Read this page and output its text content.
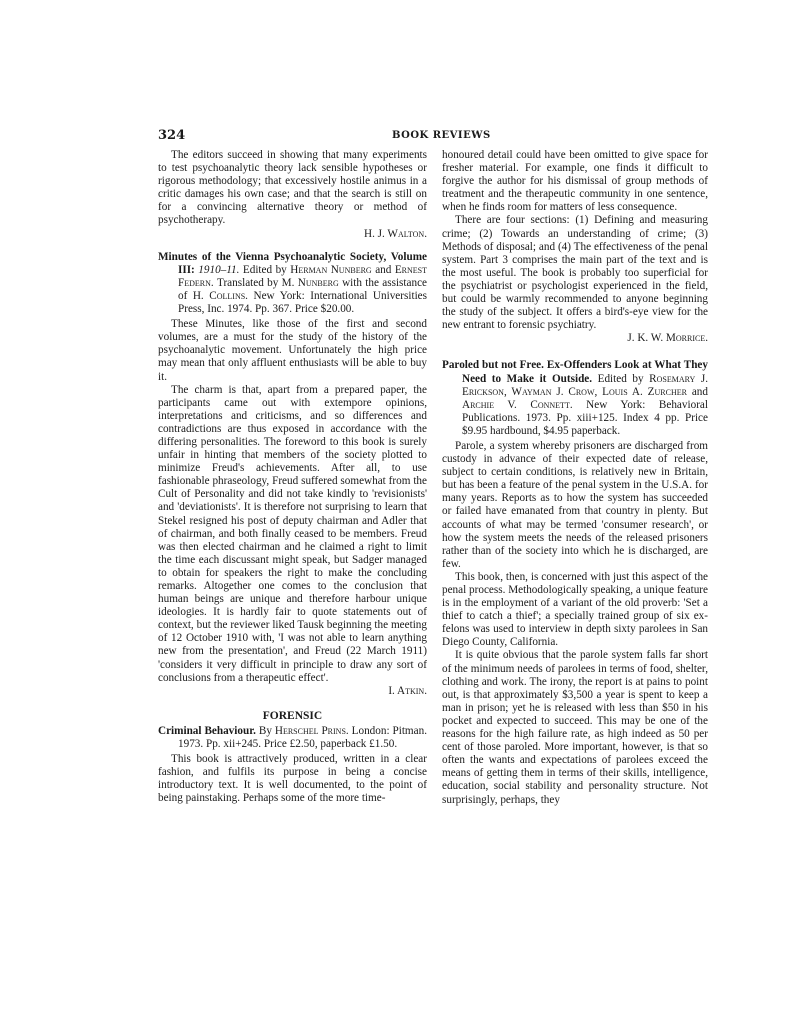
324	BOOK REVIEWS

The editors succeed in showing that many experiments to test psychoanalytic theory lack sensible hypotheses or rigorous methodology; that excessively hostile animus in a critic damages his own case; and that the search is still on for a convincing alternative theory or method of psychotherapy.

H. J. Walton.

Minutes of the Vienna Psychoanalytic Society, Volume III: 1910–11. Edited by Herman Nunberg and Ernest Federn. Translated by M. Nunberg with the assistance of H. Collins. New York: International Universities Press, Inc. 1974. Pp. 367. Price $20.00.

These Minutes, like those of the first and second volumes, are a must for the study of the history of the psychoanalytic movement. Unfortunately the high price may mean that only affluent enthusiasts will be able to buy it.

The charm is that, apart from a prepared paper, the participants came out with extempore opinions, interpretations and criticisms, and so differences and contradictions are thus exposed in accordance with the differing personalities. The foreword to this book is surely unfair in hinting that members of the society plotted to minimize Freud's achievements. After all, to use fashionable phraseology, Freud suffered somewhat from the Cult of Personality and did not take kindly to 'revisionists' and 'deviationists'. It is therefore not surprising to learn that Stekel resigned his post of deputy chairman and Adler that of chairman, and both finally ceased to be members. Freud was then elected chairman and he claimed a right to limit the time each discussant might speak, but Sadger managed to obtain for speakers the right to make the concluding remarks. Altogether one comes to the conclusion that human beings are unique and therefore harbour unique ideologies. It is hardly fair to quote statements out of context, but the reviewer liked Tausk beginning the meeting of 12 October 1910 with, 'I was not able to learn anything new from the presentation', and Freud (22 March 1911) 'considers it very difficult in principle to draw any sort of conclusions from a therapeutic effect'.

I. Atkin.

FORENSIC

Criminal Behaviour. By Herschel Prins. London: Pitman. 1973. Pp. xii+245. Price £2.50, paperback £1.50.

This book is attractively produced, written in a clear fashion, and fulfils its purpose in being a concise introductory text. It is well documented, to the point of being painstaking. Perhaps some of the more time-

honoured detail could have been omitted to give space for fresher material. For example, one finds it difficult to forgive the author for his dismissal of group methods of treatment and the therapeutic community in one sentence, when he finds room for matters of less consequence.

There are four sections: (1) Defining and measuring crime; (2) Towards an understanding of crime; (3) Methods of disposal; and (4) The effectiveness of the penal system. Part 3 comprises the main part of the text and is the most useful. The book is probably too superficial for the psychiatrist or psychologist experienced in the field, but could be warmly recommended to anyone beginning the study of the subject. It offers a bird's-eye view for the new entrant to forensic psychiatry.

J. K. W. Morrice.

Paroled but not Free. Ex-Offenders Look at What They Need to Make it Outside. Edited by Rosemary J. Erickson, Wayman J. Crow, Louis A. Zurcher and Archie V. Connett. New York: Behavioral Publications. 1973. Pp. xiii+125. Index 4 pp. Price $9.95 hardbound, $4.95 paperback.

Parole, a system whereby prisoners are discharged from custody in advance of their expected date of release, subject to certain conditions, is relatively new in Britain, but has been a feature of the penal system in the U.S.A. for many years. Reports as to how the system has succeeded or failed have emanated from that country in plenty. But accounts of what may be termed 'consumer research', or how the system meets the needs of the released prisoners rather than of the society into which he is discharged, are few.

This book, then, is concerned with just this aspect of the penal process. Methodologically speaking, a unique feature is in the employment of a variant of the old proverb: 'Set a thief to catch a thief'; a specially trained group of six ex-felons was used to interview in depth sixty parolees in San Diego County, California.

It is quite obvious that the parole system falls far short of the minimum needs of parolees in terms of food, shelter, clothing and work. The irony, the report is at pains to point out, is that approximately $3,500 a year is spent to keep a man in prison; yet he is released with less than $50 in his pocket and expected to succeed. This may be one of the reasons for the high failure rate, as high indeed as 50 per cent of those paroled. More important, however, is that so often the wants and expectations of parolees exceed the means of getting them in terms of their skills, intelligence, education, social stability and personality structure. Not surprisingly, perhaps, they
